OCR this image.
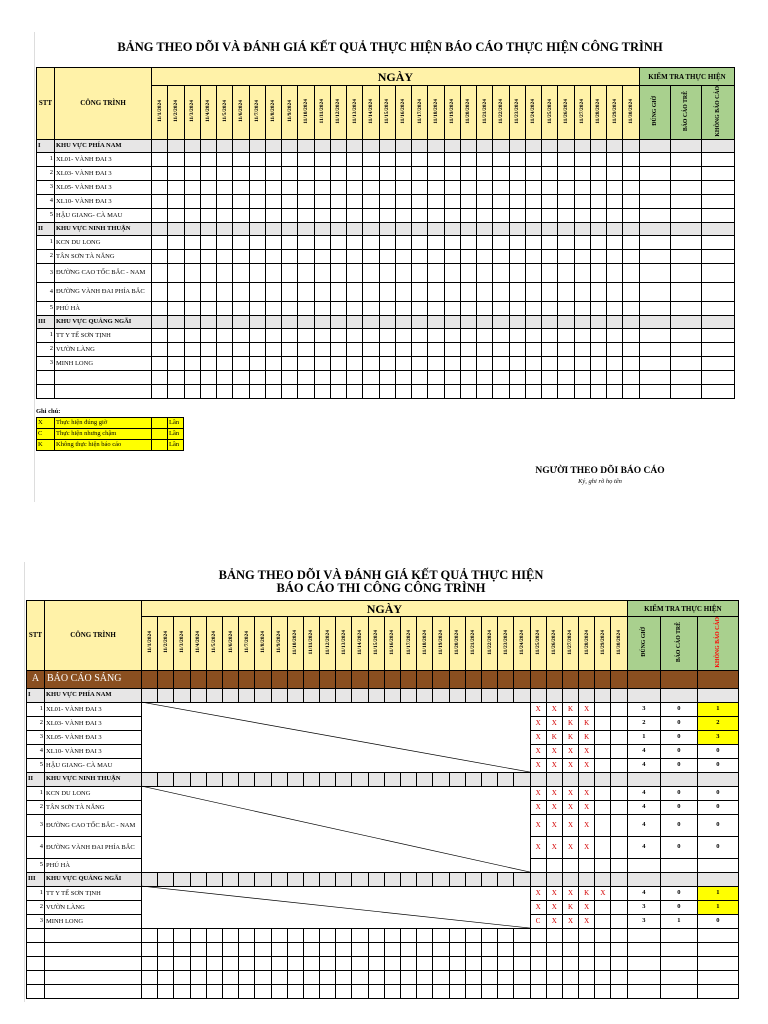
BẢNG THEO DÕI VÀ ĐÁNH GIÁ KẾT QUẢ THỰC HIỆN BÁO CÁO THỰC HIỆN CÔNG TRÌNH
STT	CÔNG TRÌNH	NGÀY																														KIỂM TRA THỰC HIỆN		
		11/1/2024	11/2/2024	11/3/2024	11/4/2024	11/5/2024	11/6/2024	11/7/2024	11/8/2024	11/9/2024	11/10/2024	11/11/2024	11/12/2024	11/13/2024	11/14/2024	11/15/2024	11/16/2024	11/17/2024	11/18/2024	11/19/2024	11/20/2024	11/21/2024	11/22/2024	11/23/2024	11/24/2024	11/25/2024	11/26/2024	11/27/2024	11/28/2024	11/29/2024	11/30/2024	ĐÚNG GIỜ	BÁO CÁO TRỄ	KHÔNG BÁO CÁO
I	KHU VỰC PHÍA NAM																																	
1	XL01- VÀNH ĐAI 3																																	
2	XL03- VÀNH ĐAI 3																																	
3	XL05- VÀNH ĐAI 3																																	
4	XL10- VÀNH ĐAI 3																																	
5	HẬU GIANG- CÀ MAU																																	
II	KHU VỰC NINH THUẬN																																	
1	KCN DU LONG																																	
2	TÂN SƠN TÀ NĂNG																																	
3	ĐƯỜNG CAO TỐC BẮC - NAM																																	
4	ĐƯỜNG VÀNH ĐAI PHÍA BẮC																																	
5	PHÚ HÀ																																	
III	KHU VỰC QUẢNG NGÃI																																	
1	TT Y TẾ SƠN TỊNH																																	
2	VƯỜN LÀNG																																	
3	MINH LONG																																	

Ghi chú:
X	Thực hiện đúng giờ		Lần
C	Thực hiện nhưng chậm		Lần
K	Không thực hiện báo cáo		Lần
NGƯỜI THEO DÕI BÁO CÁO
Ký, ghi rõ họ tên
BẢNG THEO DÕI VÀ ĐÁNH GIÁ KẾT QUẢ THỰC HIỆN
BÁO CÁO THI CÔNG CÔNG TRÌNH
STT	CÔNG TRÌNH	NGÀY																														KIỂM TRA THỰC HIỆN		
		11/1/2024	11/2/2024	11/3/2024	11/4/2024	11/5/2024	11/6/2024	11/7/2024	11/8/2024	11/9/2024	11/10/2024	11/11/2024	11/12/2024	11/13/2024	11/14/2024	11/15/2024	11/16/2024	11/17/2024	11/18/2024	11/19/2024	11/20/2024	11/21/2024	11/22/2024	11/23/2024	11/24/2024	11/25/2024	11/26/2024	11/27/2024	11/28/2024	11/29/2024	11/30/2024	ĐÚNG GIỜ	BÁO CÁO TRỄ	KHÔNG BÁO CÁO
A	BÁO CÁO SÁNG																																	
I	KHU VỰC PHÍA NAM																																	
1	XL01- VÀNH ĐAI 3																									X	X	K	X			3	0	1
2	XL03- VÀNH ĐAI 3																									X	X	K	K			2	0	2
3	XL05- VÀNH ĐAI 3																									X	K	K	K			1	0	3
4	XL10- VÀNH ĐAI 3																									X	X	X	X			4	0	0
5	HẬU GIANG- CÀ MAU																									X	X	X	X			4	0	0
II	KHU VỰC NINH THUẬN																																	
1	KCN DU LONG																									X	X	X	X			4	0	0
2	TÂN SƠN TÀ NĂNG																									X	X	X	X			4	0	0
3	ĐƯỜNG CAO TỐC BẮC - NAM																									X	X	X	X			4	0	0
4	ĐƯỜNG VÀNH ĐAI PHÍA BẮC																									X	X	X	X			4	0	0
5	PHÚ HÀ																																	
III	KHU VỰC QUẢNG NGÃI																																	
1	TT Y TẾ SƠN TỊNH																									X	X	X	K	X		4	0	1
2	VƯỜN LÀNG																									X	X	K	X			3	0	1
3	MINH LONG																									C	X	X	X			3	1	0
